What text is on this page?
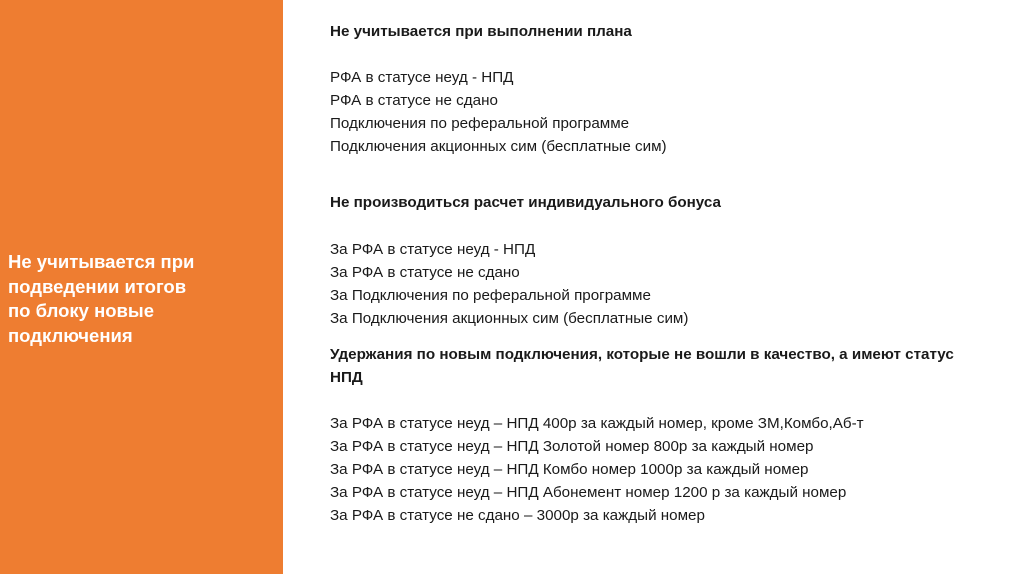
Не учитывается при
подведении итогов
по блоку новые
подключения
Не учитывается при выполнении плана
РФА в статусе неуд - НПД
РФА в статусе не сдано
Подключения по реферальной программе
Подключения акционных сим (бесплатные сим)
Не производиться расчет индивидуального бонуса
За РФА в статусе неуд - НПД
За РФА в статусе не сдано
За Подключения по реферальной программе
За Подключения акционных сим (бесплатные сим)
Удержания по новым подключения, которые не вошли в качество, а имеют статус НПД
За РФА в статусе неуд – НПД 400р за каждый номер, кроме ЗМ,Комбо,Аб-т
За РФА в статусе неуд – НПД Золотой номер 800р за каждый номер
За РФА в статусе неуд – НПД Комбо номер 1000р за каждый номер
За РФА в статусе неуд – НПД Абонемент номер 1200 р за каждый номер
За РФА в статусе не сдано – 3000р за каждый номер
